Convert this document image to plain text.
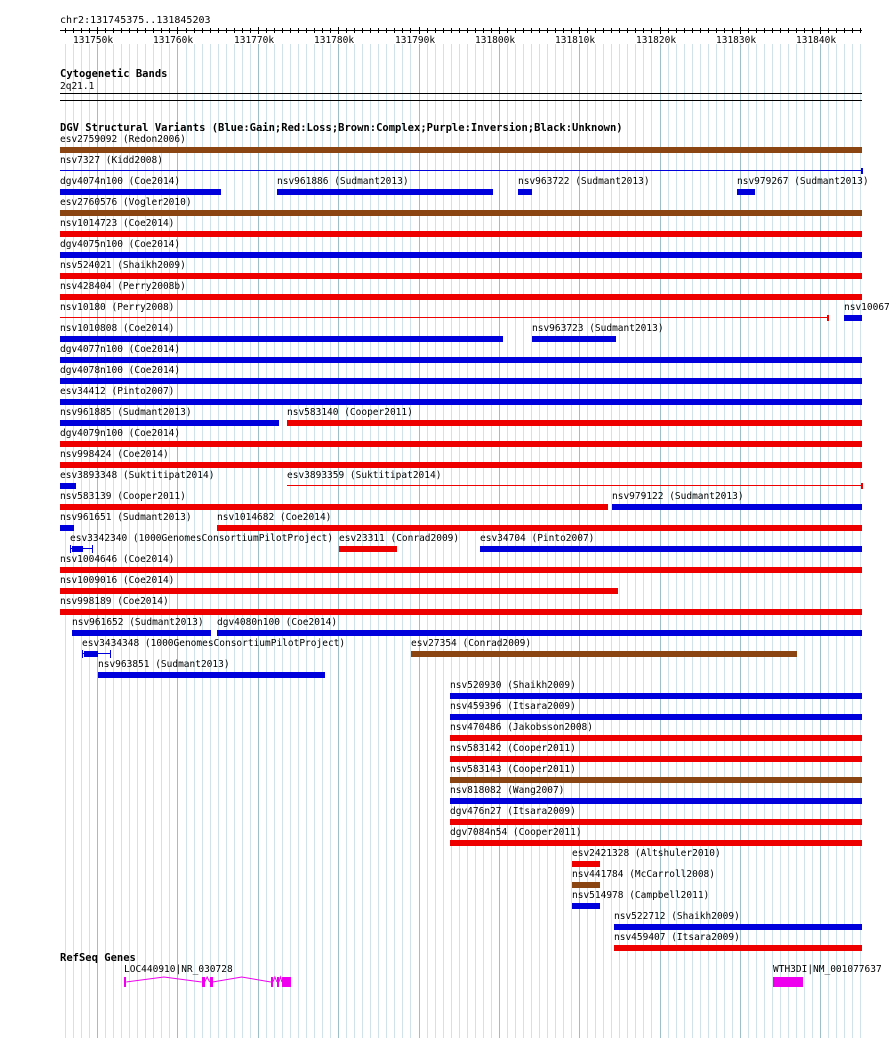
chr2:131745375..131845203
131750k	131760k	131770k	131780k	131790k	131800k	131810k	131820k	131830k	131840k
Cytogenetic Bands
2q21.1
DGV Structural Variants (Blue:Gain;Red:Loss;Brown:Complex;Purple:Inversion;Black:Unknown)
esv2759092 (Redon2006)
nsv7327 (Kidd2008)
dgv4074n100 (Coe2014)	nsv961886 (Sudmant2013)	nsv963722 (Sudmant2013)	nsv979267 (Sudmant2013)
esv2760576 (Vogler2010)
nsv1014723 (Coe2014)
dgv4075n100 (Coe2014)
nsv524021 (Shaikh2009)
nsv428404 (Perry2008b)
nsv10180 (Perry2008)	nsv10067
nsv1010808 (Coe2014)	nsv963723 (Sudmant2013)
dgv4077n100 (Coe2014)
dgv4078n100 (Coe2014)
esv34412 (Pinto2007)
nsv961885 (Sudmant2013)	nsv583140 (Cooper2011)
dgv4079n100 (Coe2014)
nsv998424 (Coe2014)
esv3893348 (Suktitipat2014)	esv3893359 (Suktitipat2014)
nsv583139 (Cooper2011)	nsv979122 (Sudmant2013)
nsv961651 (Sudmant2013)	nsv1014682 (Coe2014)
esv3342340 (1000GenomesConsortiumPilotProject) esv23311 (Conrad2009) esv34704 (Pinto2007)
nsv1004646 (Coe2014)
nsv1009016 (Coe2014)
nsv998189 (Coe2014)
nsv961652 (Sudmant2013) dgv4080n100 (Coe2014)
esv3434348 (1000GenomesConsortiumPilotProject)	esv27354 (Conrad2009)
nsv963851 (Sudmant2013)
nsv520930 (Shaikh2009)
nsv459396 (Itsara2009)
nsv470486 (Jakobsson2008)
nsv583142 (Cooper2011)
nsv583143 (Cooper2011)
nsv818082 (Wang2007)
dgv476n27 (Itsara2009)
dgv7084n54 (Cooper2011)
esv2421328 (Altshuler2010)
nsv441784 (McCarroll2008)
nsv514978 (Campbell2011)
nsv522712 (Shaikh2009)
nsv459407 (Itsara2009)
RefSeq Genes
LOC440910|NR_030728	WTH3DI|NM_001077637
